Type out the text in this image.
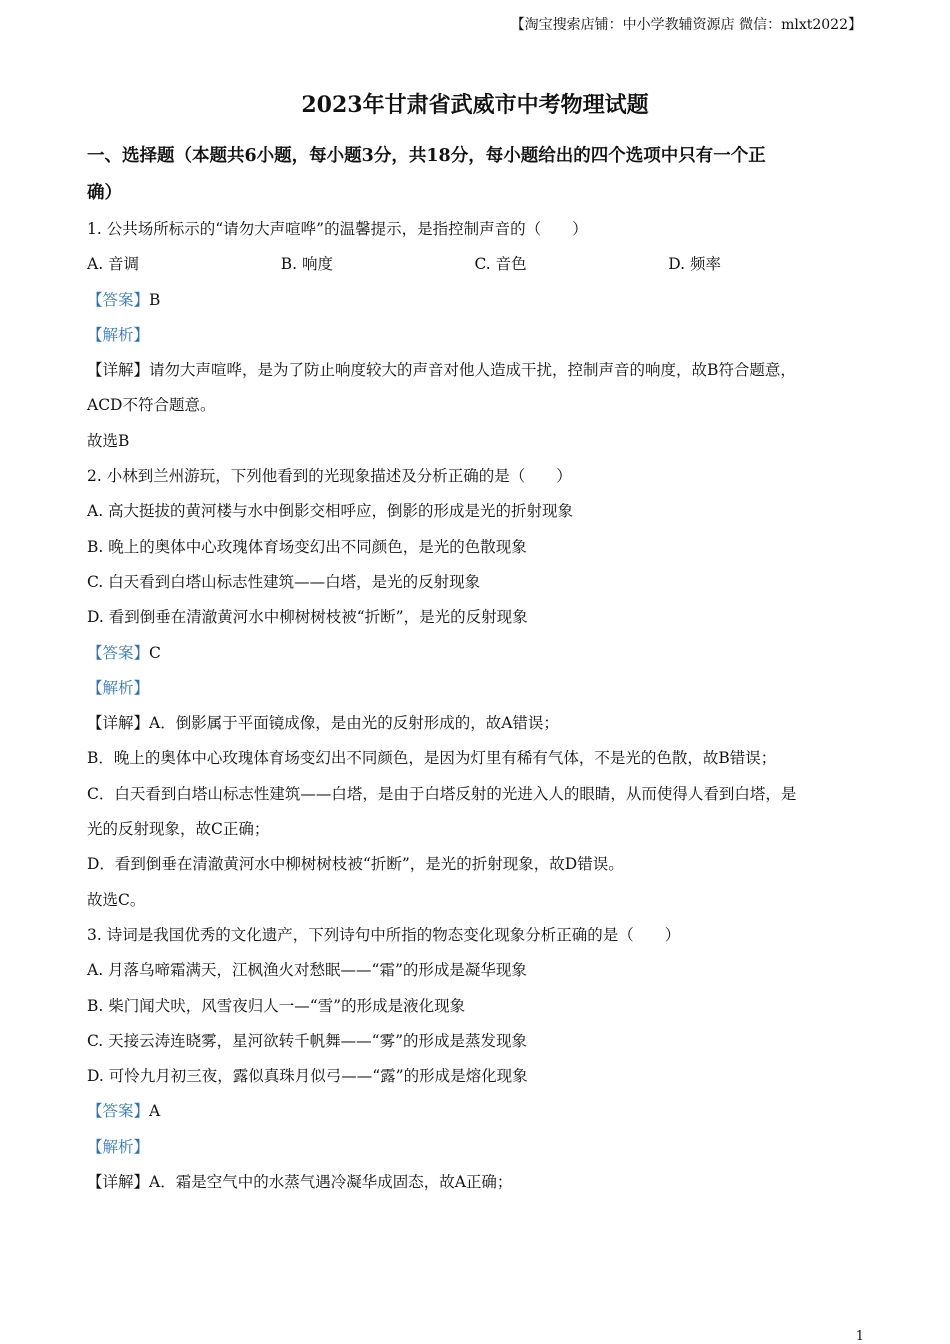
【淘宝搜索店铺：中小学教辅资源店 微信：mlxt2022】
2023年甘肃省武威市中考物理试题

一、选择题（本题共6小题，每小题3分，共18分，每小题给出的四个选项中只有一个正

确）

1. 公共场所标示的“请勿大声喧哗”的温馨提示，是指控制声音的（　　）

A. 音调	B. 响度	C. 音色	D. 频率

【答案】B

【解析】

【详解】请勿大声喧哗，是为了防止响度较大的声音对他人造成干扰，控制声音的响度，故B符合题意，

ACD不符合题意。

故选B

2. 小林到兰州游玩，下列他看到的光现象描述及分析正确的是（　　）

A. 高大挺拔的黄河楼与水中倒影交相呼应，倒影的形成是光的折射现象

B. 晚上的奥体中心玫瑰体育场变幻出不同颜色，是光的色散现象

C. 白天看到白塔山标志性建筑——白塔，是光的反射现象

D. 看到倒垂在清澈黄河水中柳树树枝被“折断”，是光的反射现象

【答案】C

【解析】

【详解】A．倒影属于平面镜成像，是由光的反射形成的，故A错误；

B．晚上的奥体中心玫瑰体育场变幻出不同颜色，是因为灯里有稀有气体，不是光的色散，故B错误；

C．白天看到白塔山标志性建筑——白塔，是由于白塔反射的光进入人的眼睛，从而使得人看到白塔，是

光的反射现象，故C正确；

D．看到倒垂在清澈黄河水中柳树树枝被“折断”，是光的折射现象，故D错误。

故选C。

3. 诗词是我国优秀的文化遗产，下列诗句中所指的物态变化现象分析正确的是（　　）

A. 月落乌啼霜满天，江枫渔火对愁眠——“霜”的形成是凝华现象

B. 柴门闻犬吠，风雪夜归人一—“雪”的形成是液化现象

C. 天接云涛连晓雾，星河欲转千帆舞——“雾”的形成是蒸发现象

D. 可怜九月初三夜，露似真珠月似弓——“露”的形成是熔化现象

【答案】A

【解析】

【详解】A．霜是空气中的水蒸气遇冷凝华成固态，故A正确；

1
